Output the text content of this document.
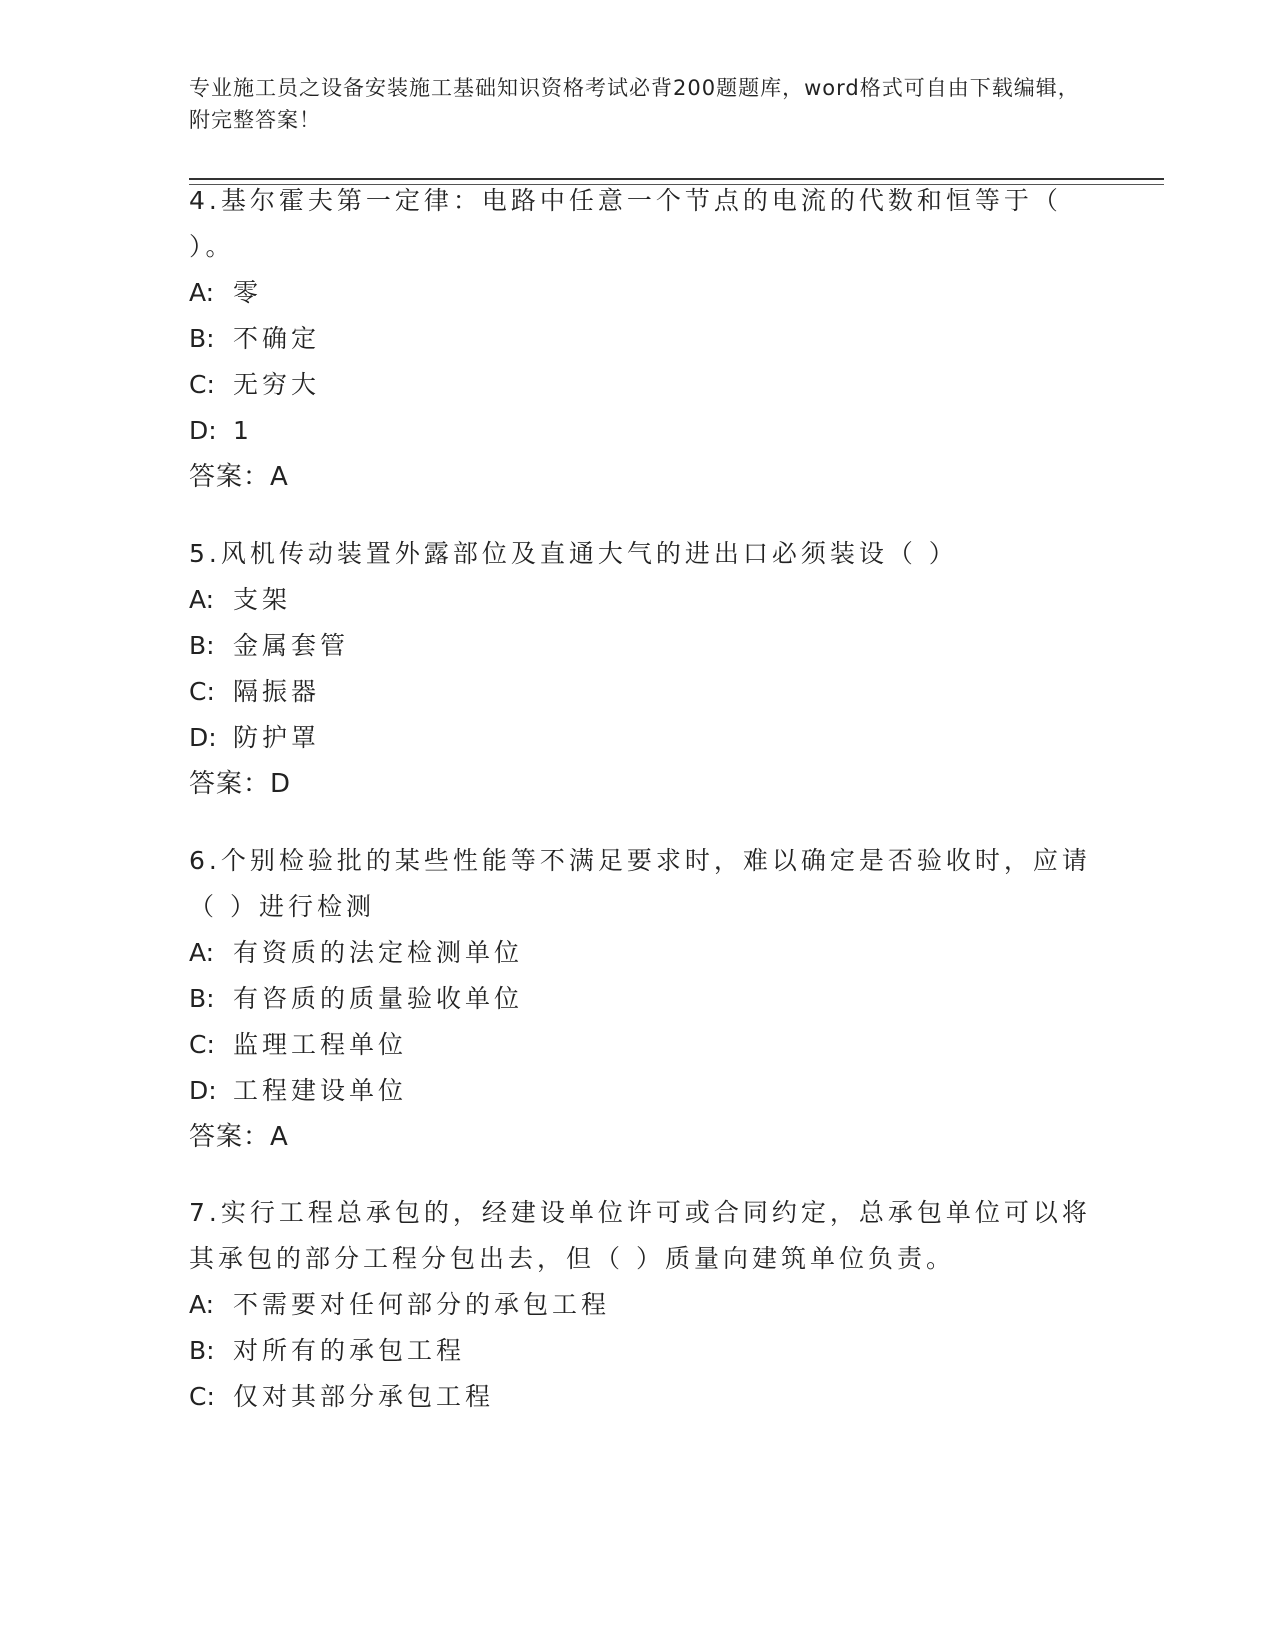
专业施工员之设备安装施工基础知识资格考试必背200题题库，word格式可自由下载编辑，附完整答案！

4.基尔霍夫第一定律：电路中任意一个节点的电流的代数和恒等于（ ）。

A: 零

B: 不确定

C: 无穷大

D: 1

答案：A

5.风机传动装置外露部位及直通大气的进出口必须装设（ ）

A: 支架

B: 金属套管

C: 隔振器

D: 防护罩

答案：D

6.个别检验批的某些性能等不满足要求时，难以确定是否验收时，应请（ ）进行检测

A: 有资质的法定检测单位

B: 有咨质的质量验收单位

C: 监理工程单位

D: 工程建设单位

答案：A

7.实行工程总承包的，经建设单位许可或合同约定，总承包单位可以将其承包的部分工程分包出去，但（ ）质量向建筑单位负责。

A: 不需要对任何部分的承包工程

B: 对所有的承包工程

C: 仅对其部分承包工程
